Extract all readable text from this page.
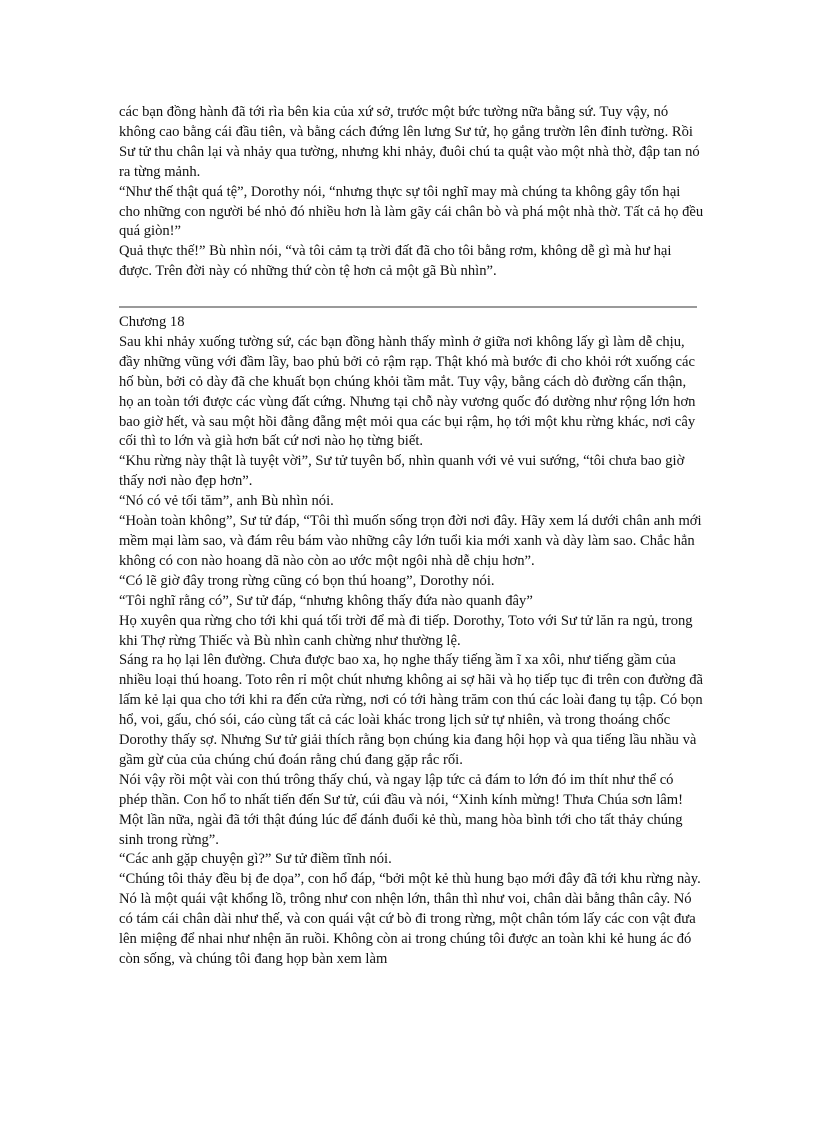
các bạn đồng hành đã tới rìa bên kia của xứ sở, trước một bức tường nữa bằng sứ. Tuy vậy, nó không cao bằng cái đầu tiên, và bằng cách đứng lên lưng Sư tử, họ gắng trườn lên đỉnh tường. Rồi Sư tử thu chân lại và nhảy qua tường, nhưng khi nhảy, đuôi chú ta quật vào một nhà thờ, đập tan nó ra từng mảnh.

“Như thế thật quá tệ”, Dorothy nói, “nhưng thực sự tôi nghĩ may mà chúng ta không gây tổn hại cho những con người bé nhỏ đó nhiều hơn là làm gãy cái chân bò và phá một nhà thờ. Tất cả họ đều quá giòn!”

Quả thực thế!” Bù nhìn nói, “và tôi cảm tạ trời đất đã cho tôi bằng rơm, không dễ gì mà hư hại được. Trên đời này có những thứ còn tệ hơn cả một gã Bù nhìn”.

Chương 18

Sau khi nhảy xuống tường sứ, các bạn đồng hành thấy mình ở giữa nơi không lấy gì làm dễ chịu, đầy những vũng với đầm lầy, bao phủ bởi cỏ rậm rạp. Thật khó mà bước đi cho khỏi rớt xuống các hố bùn, bởi cỏ dày đã che khuất bọn chúng khỏi tầm mắt. Tuy vậy, bằng cách dò đường cẩn thận, họ an toàn tới được các vùng đất cứng. Nhưng tại chỗ này vương quốc đó dường như rộng lớn hơn bao giờ hết, và sau một hồi đằng đẵng mệt mỏi qua các bụi rậm, họ tới một khu rừng khác, nơi cây cối thì to lớn và già hơn bất cứ nơi nào họ từng biết.

“Khu rừng này thật là tuyệt vời”, Sư tử tuyên bố, nhìn quanh với vẻ vui sướng, “tôi chưa bao giờ thấy nơi nào đẹp hơn”.

“Nó có vẻ tối tăm”, anh Bù nhìn nói.

“Hoàn toàn không”, Sư tử đáp, “Tôi thì muốn sống trọn đời nơi đây. Hãy xem lá dưới chân anh mới mềm mại làm sao, và đám rêu bám vào những cây lớn tuổi kia mới xanh và dày làm sao. Chắc hẳn không có con nào hoang dã nào còn ao ước một ngôi nhà dễ chịu hơn”.

“Có lẽ giờ đây trong rừng cũng có bọn thú hoang”, Dorothy nói.

“Tôi nghĩ rằng có”, Sư tử đáp, “nhưng không thấy đứa nào quanh đây”

Họ xuyên qua rừng cho tới khi quá tối trời để mà đi tiếp. Dorothy, Toto với Sư tử lăn ra ngủ, trong khi Thợ rừng Thiếc và Bù nhìn canh chừng như thường lệ.

Sáng ra họ lại lên đường. Chưa được bao xa, họ nghe thấy tiếng ầm ĩ xa xôi, như tiếng gầm của nhiều loại thú hoang. Toto rên rỉ một chút nhưng không ai sợ hãi và họ tiếp tục đi trên con đường đã lấm kẻ lại qua cho tới khi ra đến cửa rừng, nơi có tới hàng trăm con thú các loài đang tụ tập. Có bọn hổ, voi, gấu, chó sói, cáo cùng tất cả các loài khác trong lịch sử tự nhiên, và trong thoáng chốc Dorothy thấy sợ. Nhưng Sư tử giải thích rằng bọn chúng kia đang hội họp và qua tiếng lầu nhầu và gầm gừ của của chúng chú đoán rằng chú đang gặp rắc rối.

Nói vậy rồi một vài con thú trông thấy chú, và ngay lập tức cả đám to lớn đó im thít như thể có phép thần. Con hổ to nhất tiến đến Sư tử, cúi đầu và nói, “Xinh kính mừng! Thưa Chúa sơn lâm! Một lần nữa, ngài đã tới thật đúng lúc để đánh đuổi kẻ thù, mang hòa bình tới cho tất thảy chúng sinh trong rừng”.

“Các anh gặp chuyện gì?” Sư tử điềm tĩnh nói.

“Chúng tôi thảy đều bị đe dọa”, con hổ đáp, “bởi một kẻ thù hung bạo mới đây đã tới khu rừng này. Nó là một quái vật khổng lồ, trông như con nhện lớn, thân thì như voi, chân dài bằng thân cây. Nó có tám cái chân dài như thế, và con quái vật cứ bò đi trong rừng, một chân tóm lấy các con vật đưa lên miệng để nhai như nhện ăn ruồi. Không còn ai trong chúng tôi được an toàn khi kẻ hung ác đó còn sống, và chúng tôi đang họp bàn xem làm
